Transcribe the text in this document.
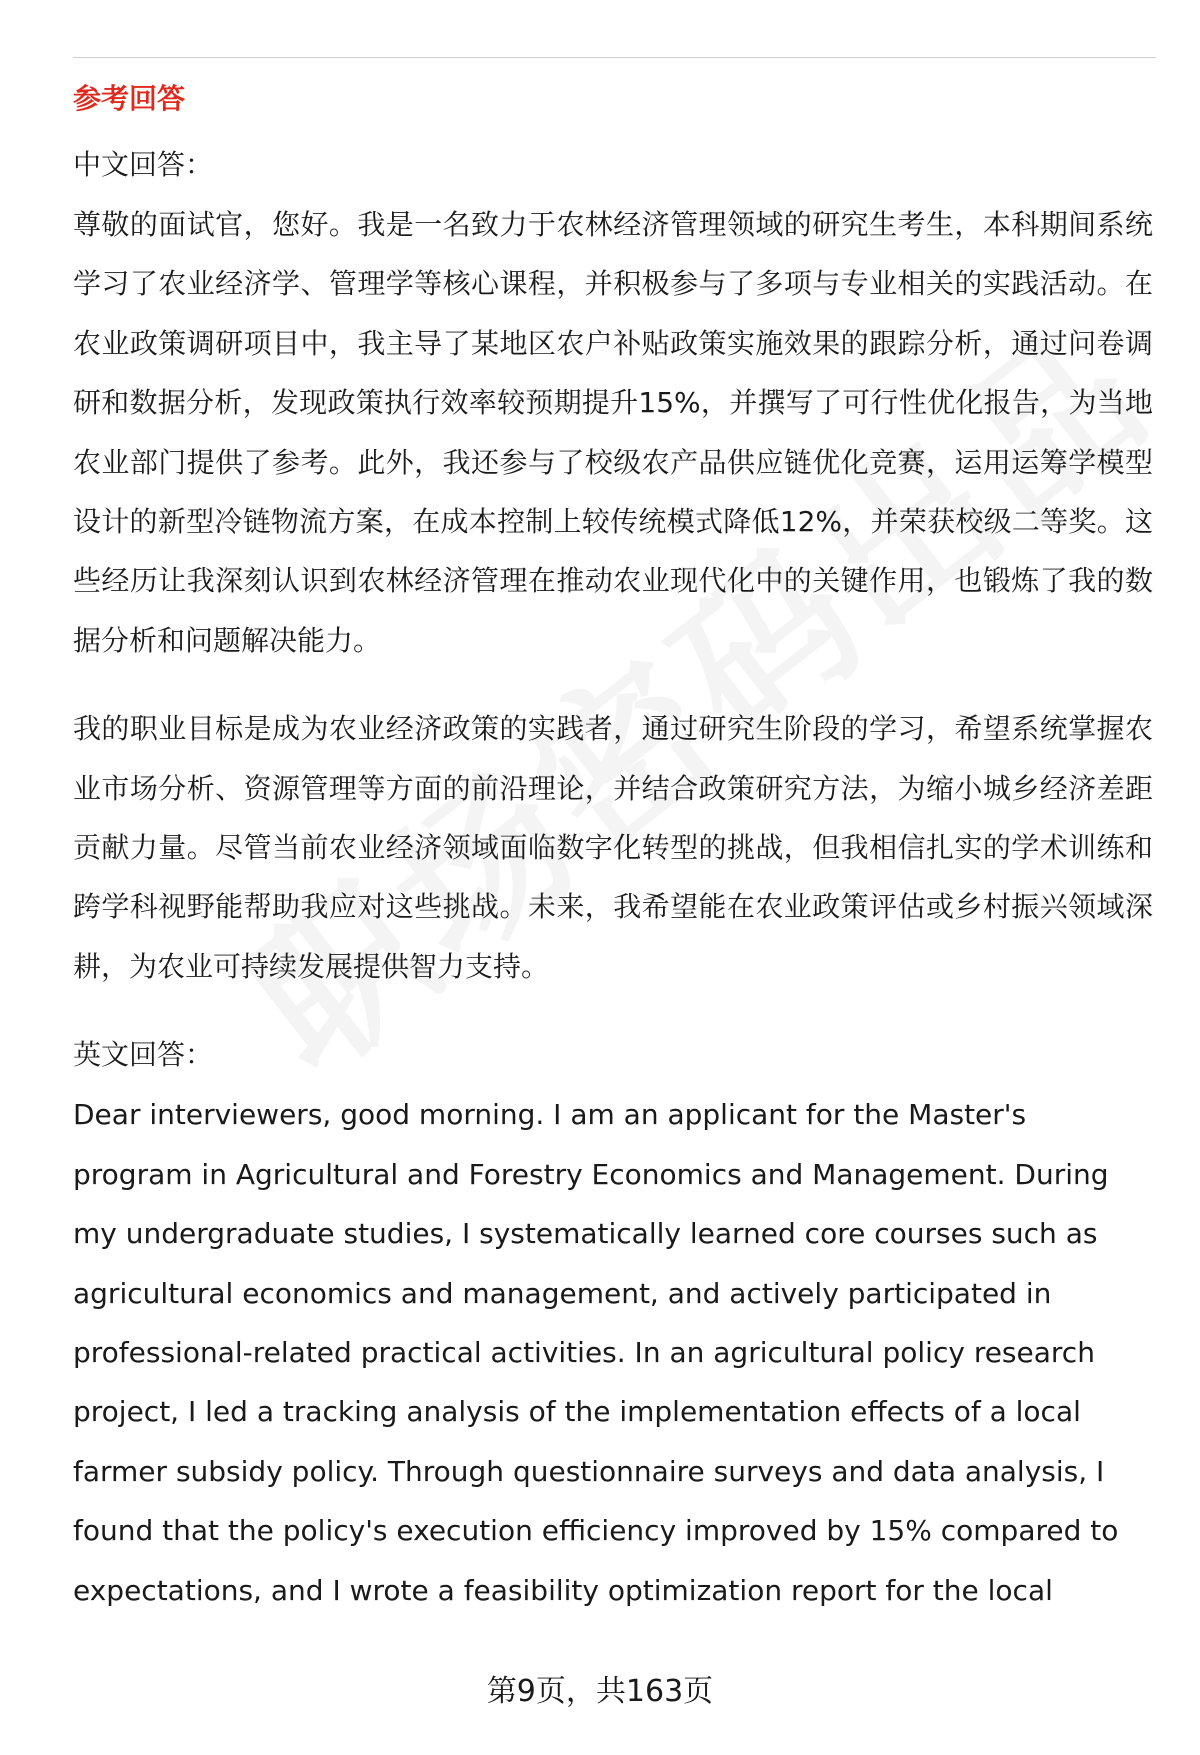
参考回答
中文回答：

尊敬的面试官，您好。我是一名致力于农林经济管理领域的研究生考生，本科期间系统学习了农业经济学、管理学等核心课程，并积极参与了多项与专业相关的实践活动。在农业政策调研项目中，我主导了某地区农户补贴政策实施效果的跟踪分析，通过问卷调研和数据分析，发现政策执行效率较预期提升15%，并撰写了可行性优化报告，为当地农业部门提供了参考。此外，我还参与了校级农产品供应链优化竞赛，运用运筹学模型设计的新型冷链物流方案，在成本控制上较传统模式降低12%，并荣获校级二等奖。这些经历让我深刻认识到农林经济管理在推动农业现代化中的关键作用，也锻炼了我的数据分析和问题解决能力。

我的职业目标是成为农业经济政策的实践者，通过研究生阶段的学习，希望系统掌握农业市场分析、资源管理等方面的前沿理论，并结合政策研究方法，为缩小城乡经济差距贡献力量。尽管当前农业经济领域面临数字化转型的挑战，但我相信扎实的学术训练和跨学科视野能帮助我应对这些挑战。未来，我希望能在农业政策评估或乡村振兴领域深耕，为农业可持续发展提供智力支持。

英文回答：
Dear interviewers, good morning. I am an applicant for the Master's
program in Agricultural and Forestry Economics and Management. During
my undergraduate studies, I systematically learned core courses such as
agricultural economics and management, and actively participated in
professional-related practical activities. In an agricultural policy research
project, I led a tracking analysis of the implementation effects of a local
farmer subsidy policy. Through questionnaire surveys and data analysis, I
found that the policy's execution efficiency improved by 15% compared to
expectations, and I wrote a feasibility optimization report for the local
第9页，共163页
